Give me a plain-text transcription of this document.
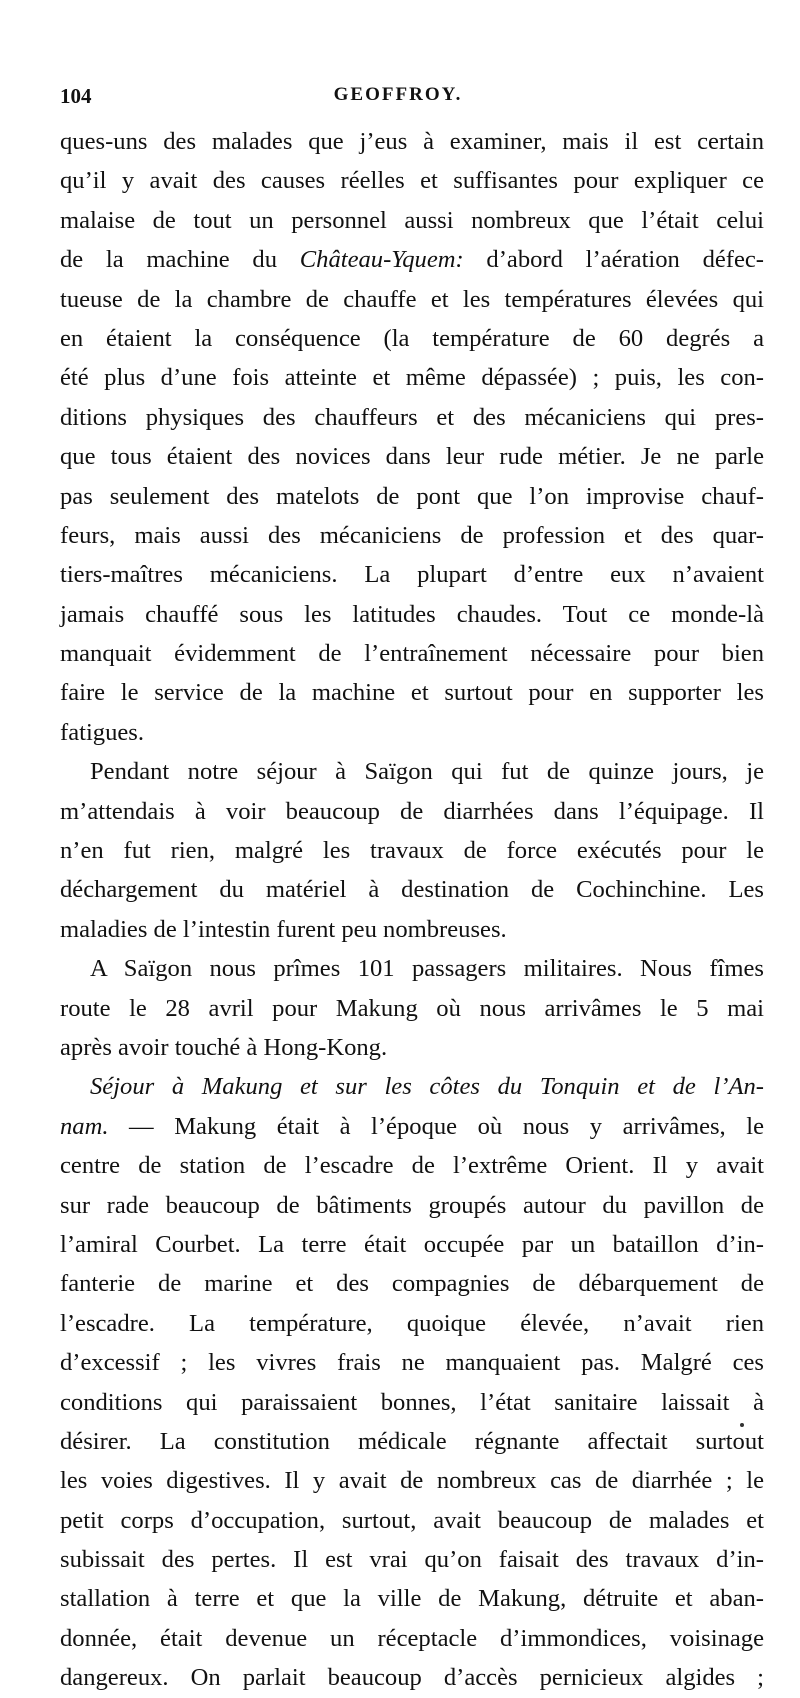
104	GEOFFROY.
ques-uns des malades que j’eus à examiner, mais il est certain
qu’il y avait des causes réelles et suffisantes pour expliquer ce
malaise de tout un personnel aussi nombreux que l’était celui
de la machine du Château-Yquem: d’abord l’aération défec-
tueuse de la chambre de chauffe et les températures élevées qui
en étaient la conséquence (la température de 60 degrés a
été plus d’une fois atteinte et même dépassée) ; puis, les con-
ditions physiques des chauffeurs et des mécaniciens qui pres-
que tous étaient des novices dans leur rude métier. Je ne parle
pas seulement des matelots de pont que l’on improvise chauf-
feurs, mais aussi des mécaniciens de profession et des quar-
tiers-maîtres mécaniciens. La plupart d’entre eux n’avaient
jamais chauffé sous les latitudes chaudes. Tout ce monde-là
manquait évidemment de l’entraînement nécessaire pour bien
faire le service de la machine et surtout pour en supporter les
fatigues.
Pendant notre séjour à Saïgon qui fut de quinze jours, je
m’attendais à voir beaucoup de diarrhées dans l’équipage. Il
n’en fut rien, malgré les travaux de force exécutés pour le
déchargement du matériel à destination de Cochinchine. Les
maladies de l’intestin furent peu nombreuses.
A Saïgon nous prîmes 101 passagers militaires. Nous fîmes
route le 28 avril pour Makung où nous arrivâmes le 5 mai
après avoir touché à Hong-Kong.
Séjour à Makung et sur les côtes du Tonquin et de l’An-
nam. — Makung était à l’époque où nous y arrivâmes, le
centre de station de l’escadre de l’extrême Orient. Il y avait
sur rade beaucoup de bâtiments groupés autour du pavillon de
l’amiral Courbet. La terre était occupée par un bataillon d’in-
fanterie de marine et des compagnies de débarquement de
l’escadre. La température, quoique élevée, n’avait rien
d’excessif ; les vivres frais ne manquaient pas. Malgré ces
conditions qui paraissaient bonnes, l’état sanitaire laissait à
désirer. La constitution médicale régnante affectait surtout
les voies digestives. Il y avait de nombreux cas de diarrhée ; le
petit corps d’occupation, surtout, avait beaucoup de malades et
subissait des pertes. Il est vrai qu’on faisait des travaux d’in-
stallation à terre et que la ville de Makung, détruite et aban-
donnée, était devenue un réceptacle d’immondices, voisinage
dangereux. On parlait beaucoup d’accès pernicieux algides ;
